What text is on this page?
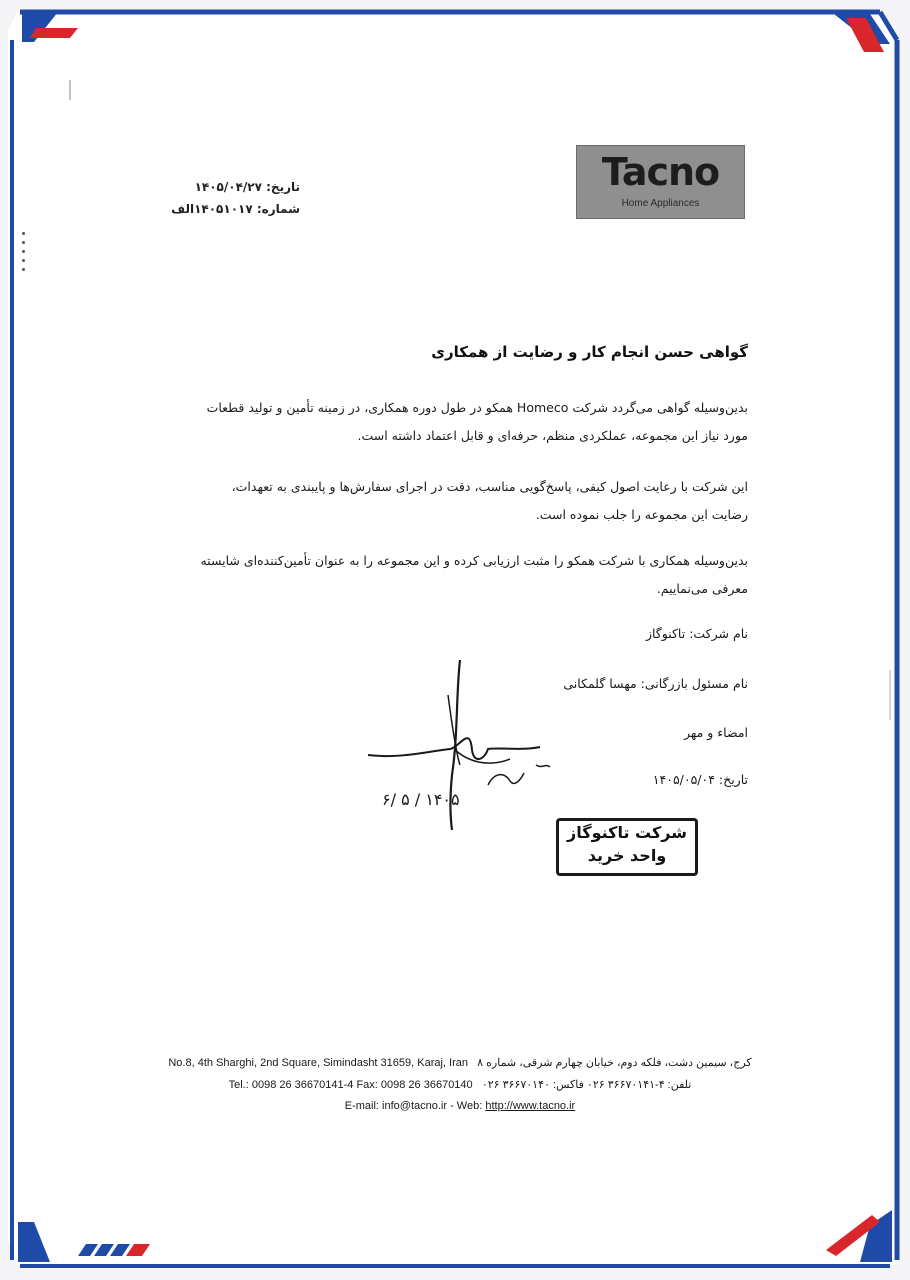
Tacno
Home Appliances
تاریخ: ۱۴۰۵/۰۴/۲۷
شماره: ۱۴۰۵۱۰۱۷الف
گواهی حسن انجام کار و رضایت از همکاری
بدین‌وسیله گواهی می‌گردد شرکت Homeco همکو در طول دوره همکاری، در زمینه تأمین و تولید قطعات مورد نیاز این مجموعه، عملکردی منظم، حرفه‌ای و قابل اعتماد داشته است.
این شرکت با رعایت اصول کیفی، پاسخ‌گویی مناسب، دقت در اجرای سفارش‌ها و پایبندی به تعهدات، رضایت این مجموعه را جلب نموده است.
بدین‌وسیله همکاری با شرکت همکو را مثبت ارزیابی کرده و این مجموعه را به عنوان تأمین‌کننده‌ای شایسته معرفی می‌نماییم.
نام شرکت: تاکنوگاز
نام مسئول بازرگانی: مهسا گلمکانی
امضاء و مهر
تاریخ: ۱۴۰۵/۰۵/۰۴
۶/ ۵ / ۱۴۰۵
شرکت تاکنوگاز
واحد خرید
No.8, 4th Sharghi, 2nd Square, Simindasht 31659, Karaj, Iran کرج، سیمین دشت، فلکه دوم، خیابان چهارم شرقی، شماره ۸
Tel.: 0098 26 36670141-4 Fax: 0098 26 36670140 تلفن: ۴-۳۶۶۷۰۱۴۱ ۰۲۶ فاکس: ۳۶۶۷۰۱۴۰ ۰۲۶
E-mail: info@tacno.ir - Web: http://www.tacno.ir
